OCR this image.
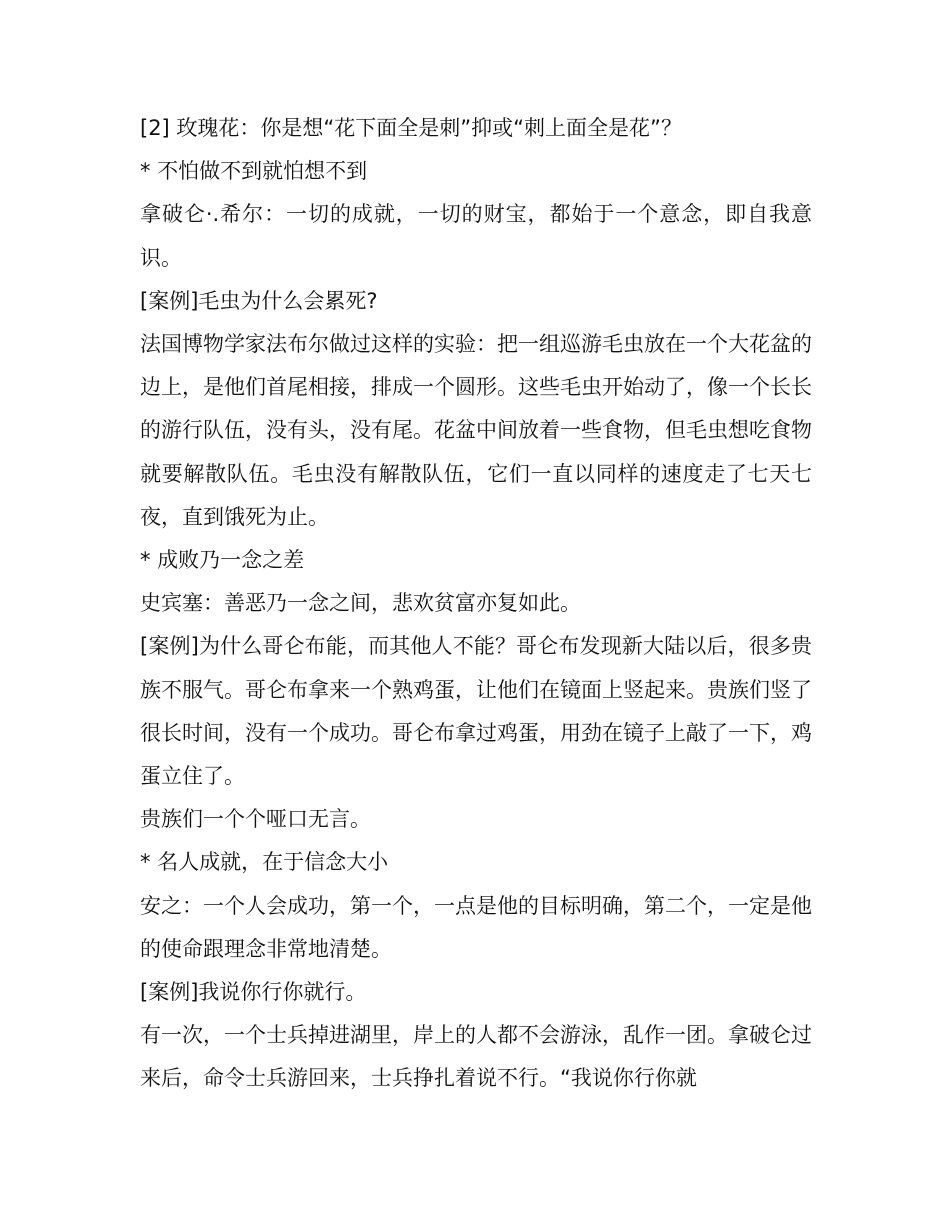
[2] 玫瑰花：你是想“花下面全是刺”抑或“刺上面全是花”？

* 不怕做不到就怕想不到

拿破仑·.希尔：一切的成就，一切的财宝，都始于一个意念，即自我意识。

[案例]毛虫为什么会累死?

法国博物学家法布尔做过这样的实验：把一组巡游毛虫放在一个大花盆的边上，是他们首尾相接，排成一个圆形。这些毛虫开始动了，像一个长长的游行队伍，没有头，没有尾。花盆中间放着一些食物，但毛虫想吃食物就要解散队伍。毛虫没有解散队伍，它们一直以同样的速度走了七天七夜，直到饿死为止。

* 成败乃一念之差

史宾塞：善恶乃一念之间，悲欢贫富亦复如此。

[案例]为什么哥仑布能，而其他人不能？哥仑布发现新大陆以后，很多贵族不服气。哥仑布拿来一个熟鸡蛋，让他们在镜面上竖起来。贵族们竖了很长时间，没有一个成功。哥仑布拿过鸡蛋，用劲在镜子上敲了一下，鸡蛋立住了。

贵族们一个个哑口无言。

* 名人成就，在于信念大小

安之：一个人会成功，第一个，一点是他的目标明确，第二个，一定是他的使命跟理念非常地清楚。

[案例]我说你行你就行。

有一次，一个士兵掉进湖里，岸上的人都不会游泳，乱作一团。拿破仑过来后，命令士兵游回来，士兵挣扎着说不行。“我说你行你就
